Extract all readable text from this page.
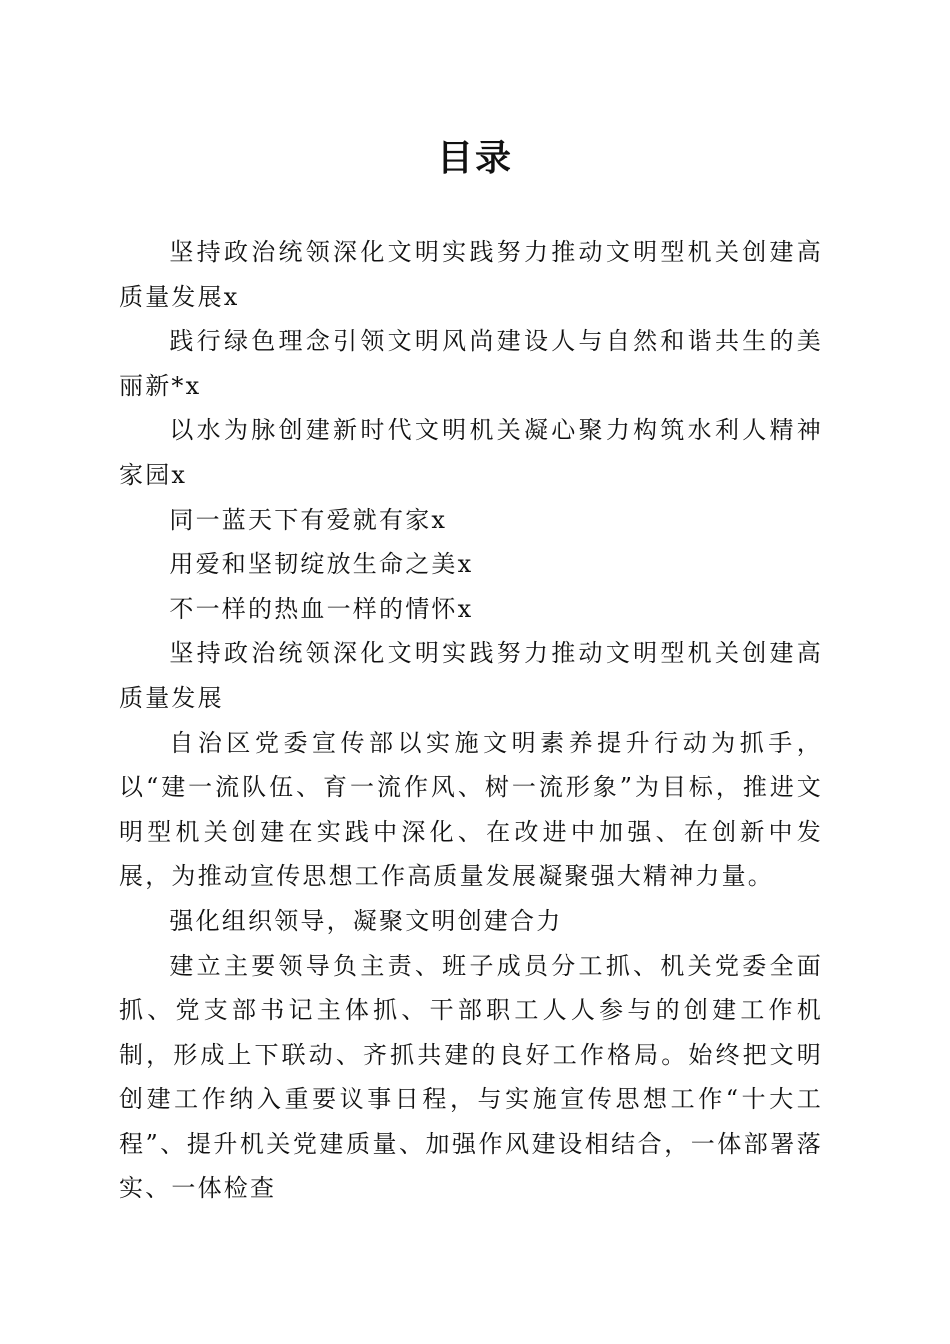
目录

坚持政治统领深化文明实践努力推动文明型机关创建高质量发展x

践行绿色理念引领文明风尚建设人与自然和谐共生的美丽新*x

以水为脉创建新时代文明机关凝心聚力构筑水利人精神家园x

同一蓝天下有爱就有家x

用爱和坚韧绽放生命之美x

不一样的热血一样的情怀x

坚持政治统领深化文明实践努力推动文明型机关创建高质量发展

自治区党委宣传部以实施文明素养提升行动为抓手，以“建一流队伍、育一流作风、树一流形象”为目标，推进文明型机关创建在实践中深化、在改进中加强、在创新中发展，为推动宣传思想工作高质量发展凝聚强大精神力量。

强化组织领导，凝聚文明创建合力

建立主要领导负主责、班子成员分工抓、机关党委全面抓、党支部书记主体抓、干部职工人人参与的创建工作机制，形成上下联动、齐抓共建的良好工作格局。始终把文明创建工作纳入重要议事日程，与实施宣传思想工作“十大工程”、提升机关党建质量、加强作风建设相结合，一体部署落实、一体检查
